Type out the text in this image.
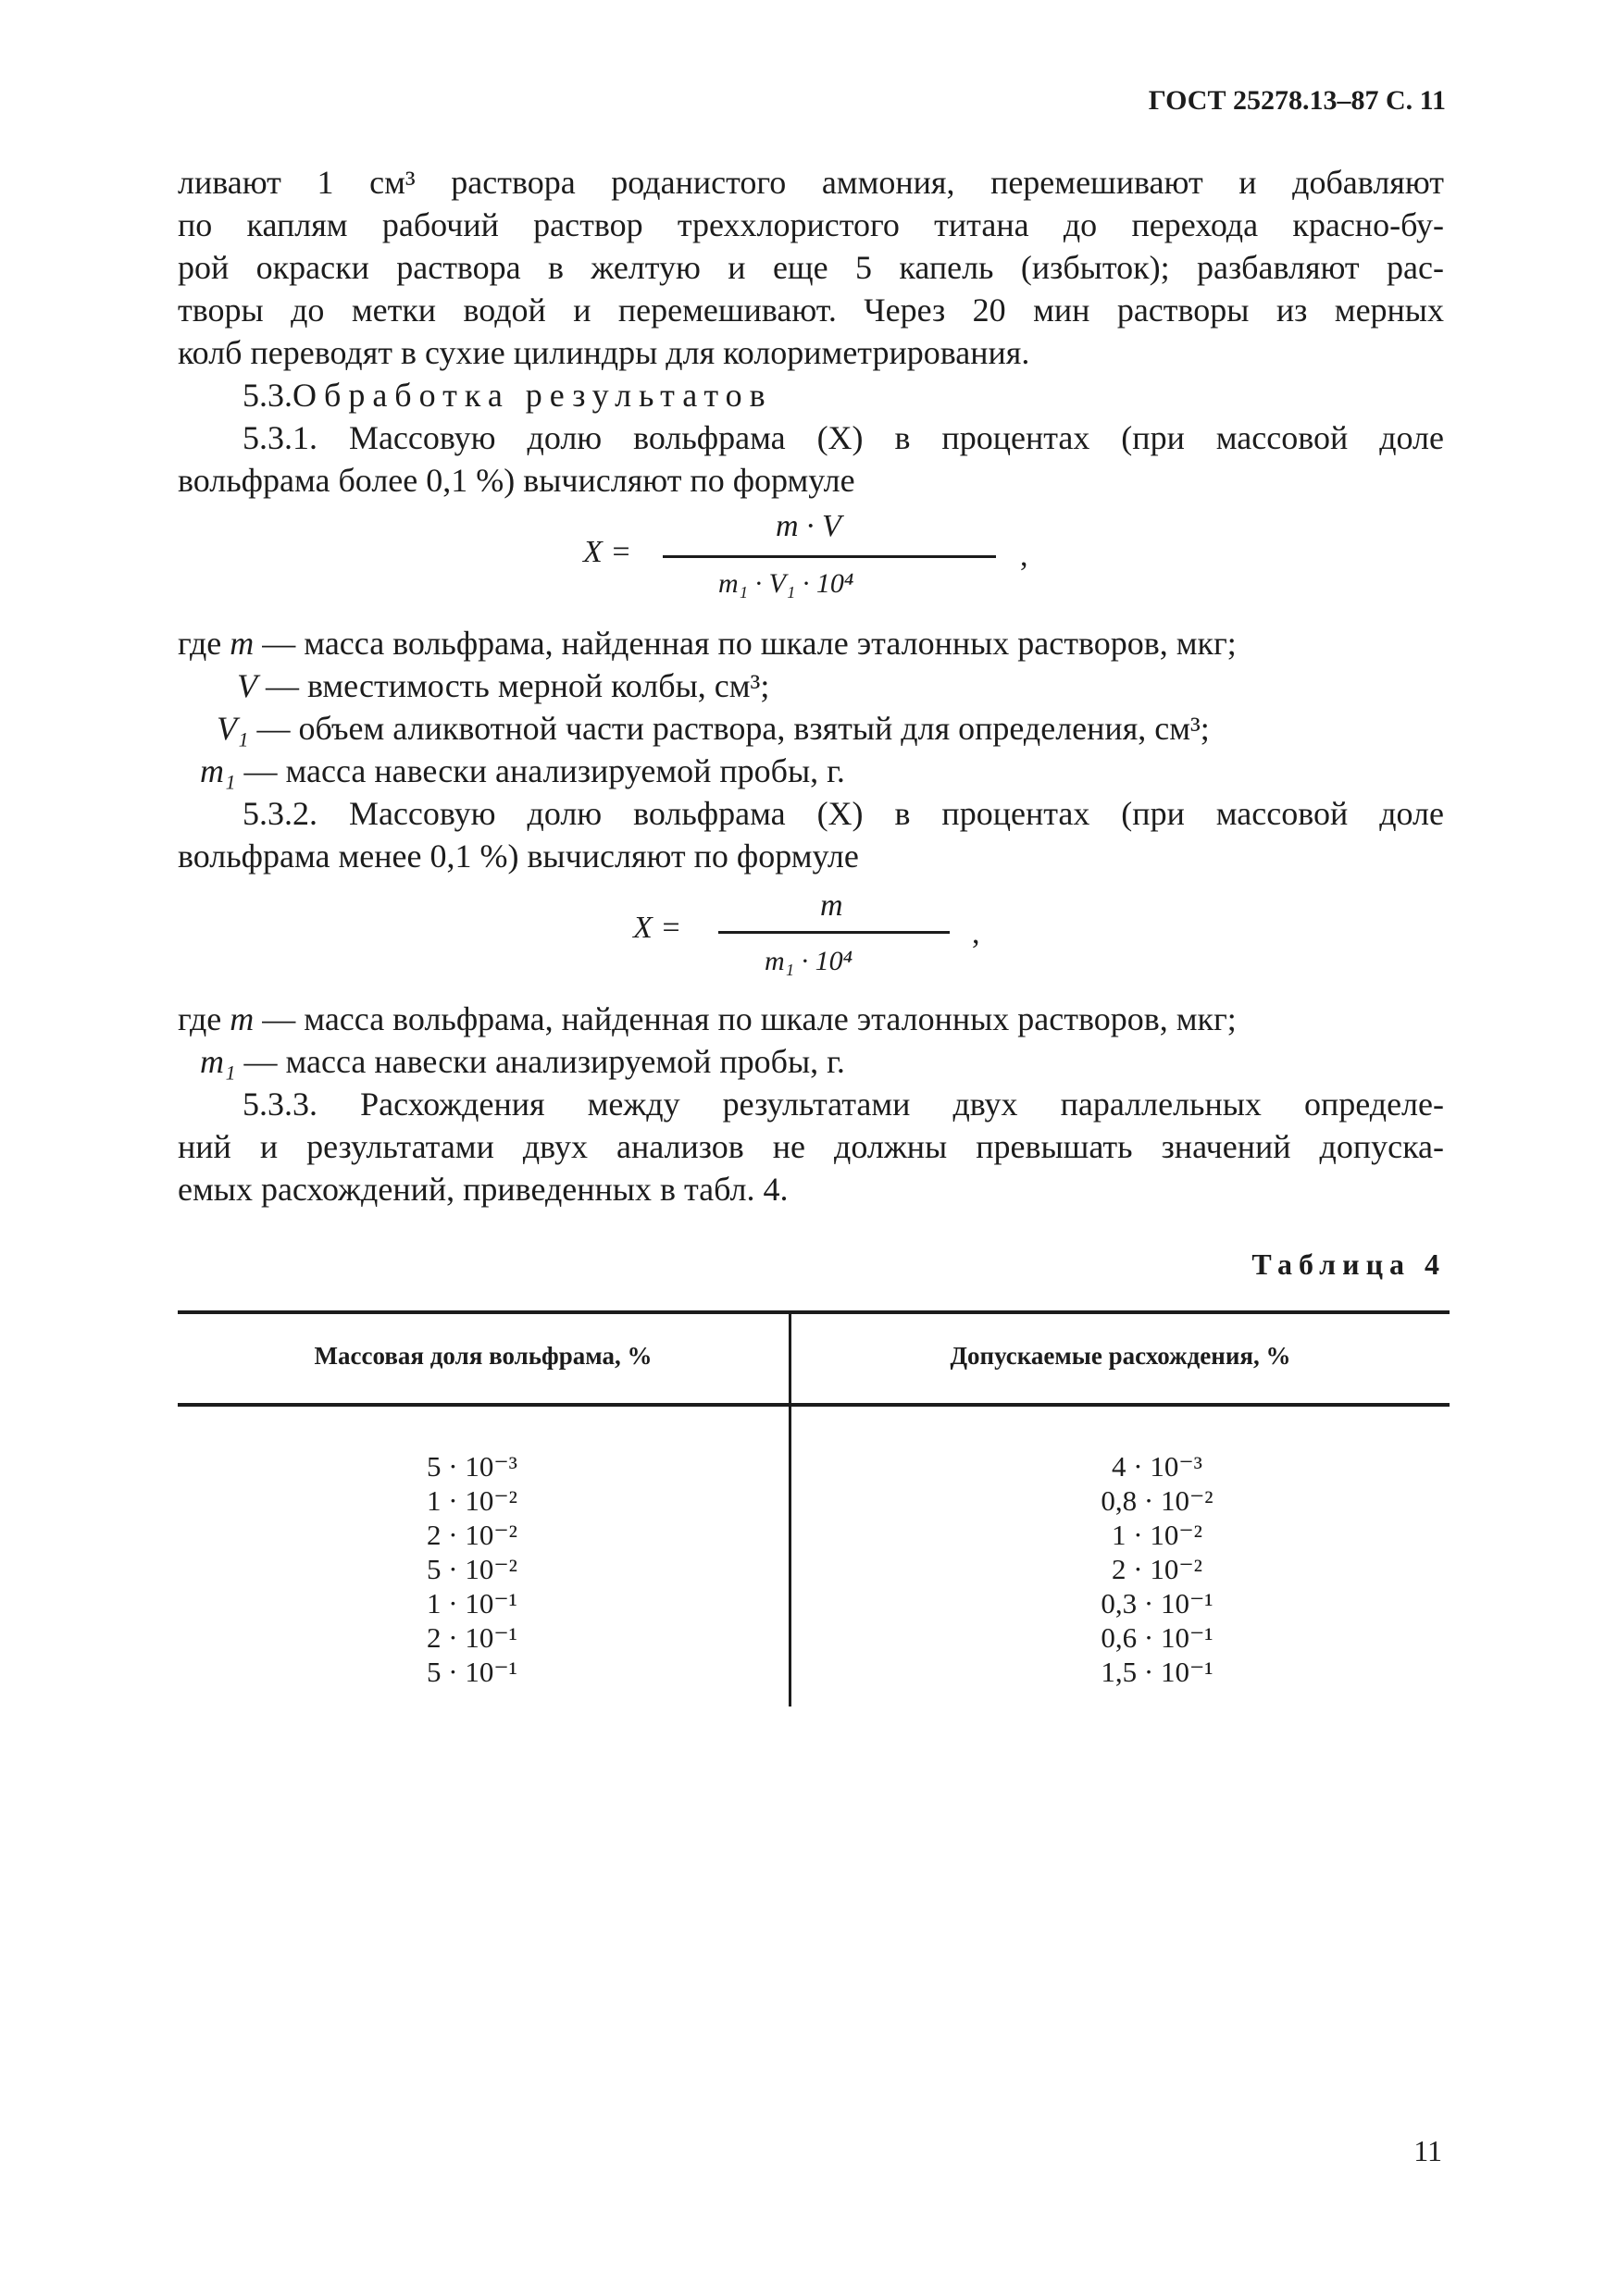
ГОСТ 25278.13–87 С. 11
ливают 1 см³ раствора роданистого аммония, перемешивают и добавляют
по каплям рабочий раствор треххлористого титана до перехода красно-бу-
рой окраски раствора в желтую и еще 5 капель (избыток); разбавляют рас-
творы до метки водой и перемешивают. Через 20 мин растворы из мерных
колб переводят в сухие цилиндры для колориметрирования.
5.3.Обработка результатов
5.3.1. Массовую долю вольфрама (X) в процентах (при массовой доле
вольфрама более 0,1 %) вычисляют по формуле
X =
m · V
m₁ · V₁ · 10⁴
,
где m — масса вольфрама, найденная по шкале эталонных растворов, мкг;
V — вместимость мерной колбы, см³;
V₁ — объем аликвотной части раствора, взятый для определения, см³;
m₁ — масса навески анализируемой пробы, г.
5.3.2. Массовую долю вольфрама (X) в процентах (при массовой доле
вольфрама менее 0,1 %) вычисляют по формуле
X =
m
m₁ · 10⁴
,
где m — масса вольфрама, найденная по шкале эталонных растворов, мкг;
m₁ — масса навески анализируемой пробы, г.
5.3.3. Расхождения между результатами двух параллельных определе-
ний и результатами двух анализов не должны превышать значений допуска-
емых расхождений, приведенных в табл. 4.
Таблица 4
Массовая доля вольфрама, %	Допускаемые расхождения, %
5 · 10⁻³
1 · 10⁻²
2 · 10⁻²
5 · 10⁻²
1 · 10⁻¹
2 · 10⁻¹
5 · 10⁻¹
4 · 10⁻³
0,8 · 10⁻²
1 · 10⁻²
2 · 10⁻²
0,3 · 10⁻¹
0,6 · 10⁻¹
1,5 · 10⁻¹
11
